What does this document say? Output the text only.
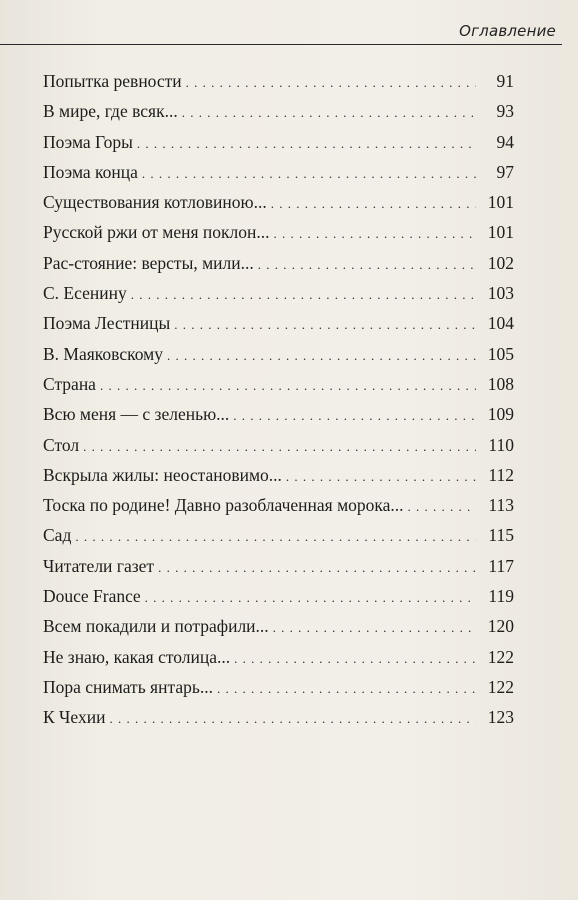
Оглавление
Попытка ревности . . .	91
В мире, где всяк... . . .	93
Поэма Горы . . .	94
Поэма конца . . .	97
Существования котловиною... . . .	101
Русской ржи от меня поклон... . . .	101
Рас-стояние: версты, мили... . . .	102
С. Есенину . . .	103
Поэма Лестницы . . .	104
В. Маяковскому . . .	105
Страна . . .	108
Всю меня — с зеленью... . . .	109
Стол . . .	110
Вскрыла жилы: неостановимо... . . .	112
Тоска по родине! Давно разоблаченная морока... . . .	113
Сад . . .	115
Читатели газет . . .	117
Douce France . . .	119
Всем покадили и потрафили... . . .	120
Не знаю, какая столица... . . .	122
Пора снимать янтарь... . . .	122
К Чехии . . .	123
